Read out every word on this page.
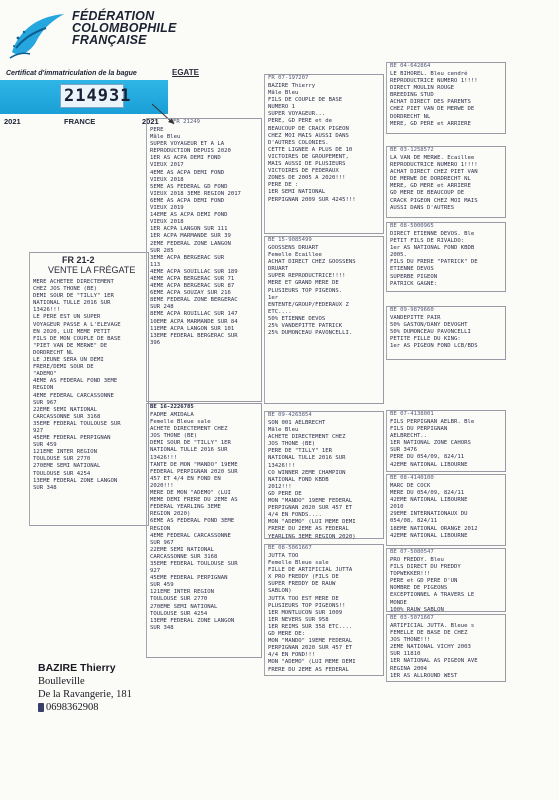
FÉDÉRATION
COLOMBOPHILE
FRANÇAISE
Certificat d'immatriculation de la bague
214931
2021	FRANCE	2021
EGATE
FR 21-2
VENTE LA FRÉGATE
MERE ACHETEE DIRECTEMENT
CHEZ JOS THONE (BE)
DEMI SOUR DE "TILLY" 1ER
NATIONAL TULLE 2016 SUR
13426!!!
LE PERE EST UN SUPER
VOYAGEUR PASSE A L'ELEVAGE
EN 2020, LUI MEME PETIT
FILS DE MON COUPLE DE BASE
"PIET VAN DE MERWE" DE
DORDRECHT NL
LE JEUNE SERA UN DEMI
FRERE/DEMI SOUR DE
"ADEMO"
4EME AS FEDERAL FOND 3EME
REGION
4EME FEDERAL CARCASSONNE
SUR 967
22EME SEMI NATIONAL
CARCASSONNE SUR 3168
35EME FEDERAL TOULOUSE SUR
927
45EME FEDERAL PERPIGNAN
SUR 459
121EME INTER REGION
TOULOUSE SUR 2770
270EME SEMI NATIONAL
TOULOUSE SUR 4254
13EME FEDERAL ZONE LANGON
SUR 348
FR 21249
PERE
Mâle Bleu
SUPER VOYAGEUR ET A LA
REPRODUCTION DEPUIS 2020
1ER AS ACPA DEMI FOND
VIEUX 2017
4EME AS ACPA DEMI FOND
VIEUX 2018
5EME AS FEDERAL GD FOND
VIEUX 2018 3EME REGION 2017
6EME AS ACPA DEMI FOND
VIEUX 2019
14EME AS ACPA DEMI FOND
VIEUX 2018
1ER ACPA LANGON SUR 111
1ER ACPA MARMANDE SUR 39
2EME FEDERAL ZONE LANGON
SUR 285
3EME ACPA BERGERAC SUR
113
4EME ACPA SOUILLAC SUR 189
4EME ACPA BERGERAC SUR 71
4EME ACPA BERGERAC SUR 87
6EME ACPA SOUZAY SUR 216
8EME FEDERAL ZONE BERGERAC
SUR 248
8EME ACPA ROUILLAC SUR 147
10EME ACPA MARMANDE SUR 84
11EME ACPA LANGON SUR 101
13EME FEDERAL BERGERAC SUR
396
BE 16-2226785
FADME AMIDALA
Femelle Bleue sale
ACHETE DIRECTEMENT CHEZ
JOS THONE (BE)
DEMI SOUR DE "TILLY" 1ER
NATIONAL TULLE 2016 SUR
13426!!!
TANTE DE MON "MANDO" 19EME
FEDERAL PERPIGNAN 2020 SUR
457 ET 4/4 EN FOND EN
2020!!!
MERE DE MON "ADEMO" (LUI
MEME DEMI FRERE DU 2EME AS
FEDERAL YEARLING 3EME
REGION 2020)
6EME AS FEDERAL FOND 3EME
REGION
4EME FEDERAL CARCASSONNE
SUR 967
22EME SEMI NATIONAL
CARCASSONNE SUR 3168
35EME FEDERAL TOULOUSE SUR
927
45EME FEDERAL PERPIGNAN
SUR 459
121EME INTER REGION
TOULOUSE SUR 2770
270EME SEMI NATIONAL
TOULOUSE SUR 4254
13EME FEDERAL ZONE LANGON
SUR 348
FR 07-197207
BAZIRE Thierry
Mâle Bleu
FILS DE COUPLE DE BASE
NUMERO 1
SUPER VOYAGEUR...
PERE, GD PERE et de
BEAUCOUP DE CRACK PIGEON
CHEZ MOI MAIS AUSSI DANS
D'AUTRES COLONIES.
CETTE LIGNEE A PLUS DE 10
VICTOIRES DE GROUPEMENT,
MAIS AUSSI DE PLUSIEURS
VICTOIRES DE FEDERAUX
ZONES DE 2005 A 2020!!!
PERE DE :
1ER SEMI NATIONAL
PERPIGNAN 2009 SUR 4245!!!
BE 15-9085499
GOOSSENS DRUART
Femelle Ecaillee
ACHAT DIRECT CHEZ GOOSSENS
DRUART
SUPER REPRODUCTRICE!!!!
MERE ET GRAND MERE DE
PLUSIEURS TOP PIGEONS.
1er
ENTENTE/GROUP/FEDERAUX Z
ETC....
50% ETIENNE DEVOS
25% VANDEPITTE PATRICK
25% DUMONCEAU PAVONCELLI.
BE 09-4263854
SON 001 AELBRECHT
Mâle Bleu
ACHETE DIRECTEMENT CHEZ
JOS THONE (BE)
PERE DE "TILLY" 1ER
NATIONAL TULLE 2016 SUR
13426!!!
CO WINNER 2EME CHAMPION
NATIONAL FOND KBDB
2012!!!
GD PERE DE
MON "MANDO" 19EME FEDERAL
PERPIGNAN 2020 SUR 457 ET
4/4 EN FONDS....
MON "ADEMO" (LUI MEME DEMI
FRERE DU 2EME AS FEDERAL
YEARLING 3EME REGION 2020)
BE 08-5061667
JUTTA TOO
Femelle Bleue sale
FILLE DE ARTIFICIAL JUTTA
X PRO FREDDY (FILS DE
SUPER FREDDY DE RAUW
SABLON)
JUTTA TOO EST MERE DE
PLUSIEURS TOP PIGEONS!!
1ER MONTLUCON SUR 1009
1ER NEVERS SUR 958
1ER REIMS SUR 358 ETC....
GD MERE DE:
MON "MANDO" 19EME FEDERAL
PERPIGNAN 2020 SUR 457 ET
4/4 EN FOND!!!
MON "ADEMO" (LUI MEME DEMI
FRERE DU 2EME AS FEDERAL
BE 04-642864
LE BIHOREL. Bleu cendré
REPRODUCTRICE NUMERO 1!!!!
DIRECT MOULIN ROUGE
BREEDING STUD
ACHAT DIRECT DES PARENTS
CHEZ PIET VAN DE MERWE DE
DORDRECHT NL
MERE, GD PERE et ARRIERE
BE 03-1258572
LA VAN DE MERWE. Ecaillee
REPRODUCTRICE NUMERO 1!!!!
ACHAT DIRECT CHEZ PIET VAN
DE MERWE DE DORDRECHT NL
MERE, GD MERE et ARRIERE
GD MERE DE BEAUCOUP DE
CRACK PIGEON CHEZ MOI MAIS
AUSSI DANS D'AUTRES
BE 08-5000965
DIRECT ETIENNE DEVOS. Ble
PETIT FILS DE RIVALDO:
1er AS NATIONAL FOND KBDB
2005.
FILS DU FRERE "PATRICK" DE
ETIENNE DEVOS
SUPERBE PIGEON
PATRICK GAGNE:
BE 09-9879660
VANDEPITTE PAIR
50% GASTON/DANY DEVOGHT
50% DUMONCEAU PAVONCELLI
PETITE FILLE DU KING:
1er AS PIGEON FOND LCB/BDS
BE 07-4138001
FILS PERPIGNAN AELBR. Ble
FILS DU PERPIGNAN
AELBRECHT..
1ER NATIONAL ZONE CAHORS
SUR 3476
PERE DU 054/09, 824/11
42EME NATIONAL LIBOURNE
BE 08-4140100
MARC DE COCK
MERE DU 054/09, 824/11
42EME NATIONAL LIBOURNE
2010
29EME INTERNATIONAUX DU
054/08, 824/11
18EME NATIONAL ORANGE 2012
42EME NATIONAL LIBOURNE
BE 07-5080547
PRO FREDDY. Bleu
FILS DIRECT DU FREDDY
TOPWEKKER!!!
PERE et GD PERE D'UN
NOMBRE DE PIGEONS
EXCEPTIONNEL A TRAVERS LE
MONDE
100% RAUW SABLON
BE 03-5071667
ARTIFICIAL JUTTA. Bleue s
FEMELLE DE BASE DE CHEZ
JOS THONE!!!
2EME NATIONAL VICHY 2003
SUR 11810
1ER NATIONAL AS PIGEON AVE
REGINA 2004
1ER AS ALLROUND WEST
BAZIRE Thierry
Boulleville
De la Ravangerie, 181
0698362908
